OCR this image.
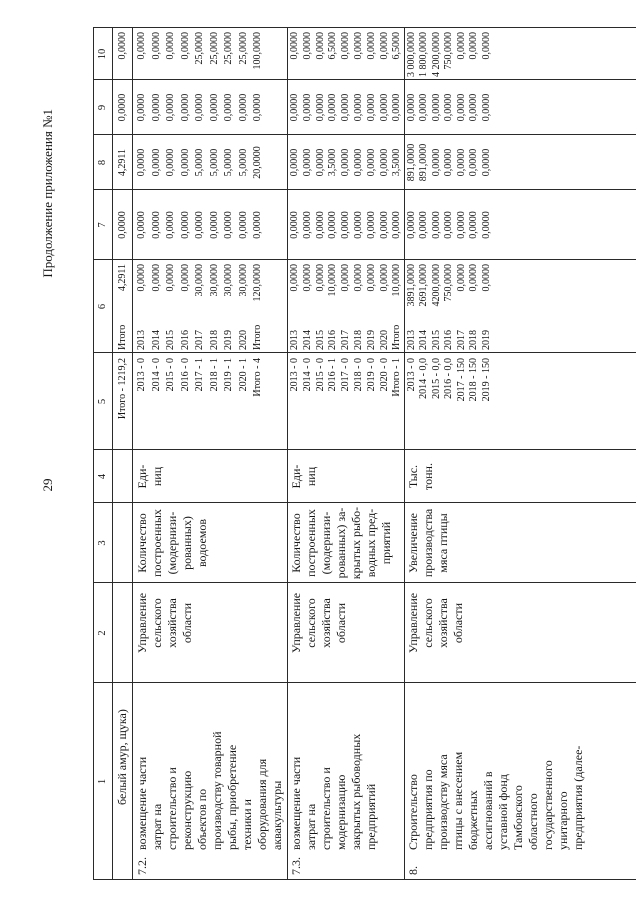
29
Продолжение приложения №1
1
2
3
4
5
6
7
8
9
10
белый амур, щука)
Итого - 1219,2
Итого
4,2911
0,0000
4,2911
0,0000
0,0000
7.2.
возмещение части затрат на строительство и реконструкцию объектов по производству товарной рыбы, приобретение техники и оборудования для аквакультуры
Управление сельского хозяйства области
Количество построенных (модернизи- рованных) водоемов
Еди- ниц
2013 - 0 2014 - 0 2015 - 0 2016 - 0 2017 - 1 2018 - 1 2019 - 1 2020 - 1 Итого - 4
2013 2014 2015 2016 2017 2018 2019 2020 Итого
0,0000 0,0000 0,0000 0,0000 30,0000 30,0000 30,0000 30,0000 120,0000
0,0000 0,0000 0,0000 0,0000 0,0000 0,0000 0,0000 0,0000 0,0000
0,0000 0,0000 0,0000 0,0000 5,0000 5,0000 5,0000 5,0000 20,0000
0,0000 0,0000 0,0000 0,0000 0,0000 0,0000 0,0000 0,0000 0,0000
0,0000 0,0000 0,0000 0,0000 25,0000 25,0000 25,0000 25,0000 100,0000
7.3.
возмещение части затрат на строительство и модернизацию закрытых рыбоводных предприятий
Управление сельского хозяйства области
Количество построенных (модернизи- рованных) за- крытых рыбо- водных пред- приятий
Еди- ниц
2013 - 0 2014 - 0 2015 - 0 2016 - 1 2017 - 0 2018 - 0 2019 - 0 2020 - 0 Итого - 1
2013 2014 2015 2016 2017 2018 2019 2020 Итого
0,0000 0,0000 0,0000 10,0000 0,0000 0,0000 0,0000 0,0000 10,0000
0,0000 0,0000 0,0000 0,0000 0,0000 0,0000 0,0000 0,0000 0,0000
0,0000 0,0000 0,0000 3,5000 0,0000 0,0000 0,0000 0,0000 3,5000
0,0000 0,0000 0,0000 0,0000 0,0000 0,0000 0,0000 0,0000 0,0000
0,0000 0,0000 0,0000 6,5000 0,0000 0,0000 0,0000 0,0000 6,5000
8.
Строительство предприятия по производству мяса птицы с внесением бюджетных ассигнований в уставной фонд Тамбовского областного государственного унитарного предприятия (далее-
Управление сельского хозяйства области
Увеличение производства мяса птицы
Тыс. тонн.
2013 - 0 2014 - 0,0 2015 - 0,0 2016 - 0,0 2017 - 150 2018 - 150 2019 - 150
2013 2014 2015 2016 2017 2018 2019
3891,0000 2691,0000 4200,0000 750,0000 0,0000 0,0000 0,0000
0,0000 0,0000 0,0000 0,0000 0,0000 0,0000 0,0000
891,0000 891,0000 0,0000 0,0000 0,0000 0,0000 0,0000
0,0000 0,0000 0,0000 0,0000 0,0000 0,0000 0,0000
3 000,0000 1 800,0000 4 200,0000 750,0000 0,0000 0,0000 0,0000
